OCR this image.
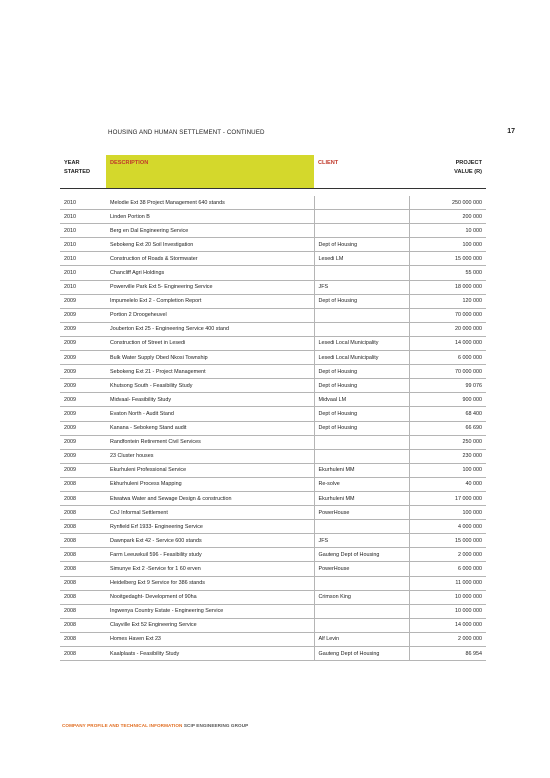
HOUSING AND HUMAN SETTLEMENT - CONTINUED	17
YEAR
STARTED	DESCRIPTION	CLIENT	PROJECT
VALUE (R)

2010	Melodie Ext 38 Project Management 640 stands		250 000 000
2010	Linden Portion B		200 000
2010	Berg en Dal Engineering Service		10 000
2010	Sebokeng Ext 20 Soil Investigation	Dept of Housing	100 000
2010	Construction of Roads & Stormwater	Lesedi LM	15 000 000
2010	Chancliff Agri Holdings		55 000
2010	Powerville Park Ext 5- Engineering Service	JFS	18 000 000
2009	Impumelelo Ext 2 - Completion Report	Dept of Housing	120 000
2009	Portion 2 Droogeheuvel		70 000 000
2009	Jouberton Ext 25 - Engineering Service 400 stand		20 000 000
2009	Construction of Street in Lesedi	Lesedi Local Municipality	14 000 000
2009	Bulk Water Supply Obed Nkosi Township	Lesedi Local Municipality	6 000 000
2009	Sebokeng Ext 21 - Project Management	Dept of Housing	70 000 000
2009	Khutsong South - Feasibility Study	Dept of Housing	99 076
2009	Midvaal- Feasibility Study	Midvaal LM	900 000
2009	Evaton North - Audit Stand	Dept of Housing	68 400
2009	Kanana - Sebokeng Stand audit	Dept of Housing	66 690
2009	Randfontein Retirement Civil Services		250 000
2009	23 Cluster houses		230 000
2009	Ekurhuleni Professional Service	Ekurhuleni MM	100 000
2008	Ekhurhuleni Process Mapping	Re-solve	40 000
2008	Etwatwa Water and Sewage Design & construction	Ekurhuleni MM	17 000 000
2008	CoJ Informal Settlement	PowerHouse	100 000
2008	Rynfield Erf 1933- Engineering Service		4 000 000
2008	Dawnpark Ext 42 - Service 600 stands	JFS	15 000 000
2008	Farm Leeuwkuil 596 - Feasibility study	Gauteng Dept of Housing	2 000 000
2008	Simunye Ext 2 -Service for 1 60 erven	PowerHouse	6 000 000
2008	Heidelberg Ext 9 Service for 386 stands		11 000 000
2008	Nooitgedaght- Development of 90ha	Crimson King	10 000 000
2008	Ingwenya Country Estate - Engineering Service		10 000 000
2008	Clayville Ext 52 Engineering Service		14 000 000
2008	Homes Haven Ext 23	Alf Levin	2 000 000
2008	Kaalplaats - Feasibility Study	Gauteng Dept of Housing	86 954
COMPANY PROFILE AND TECHNICAL INFORMATION SCIP ENGINEERING GROUP
